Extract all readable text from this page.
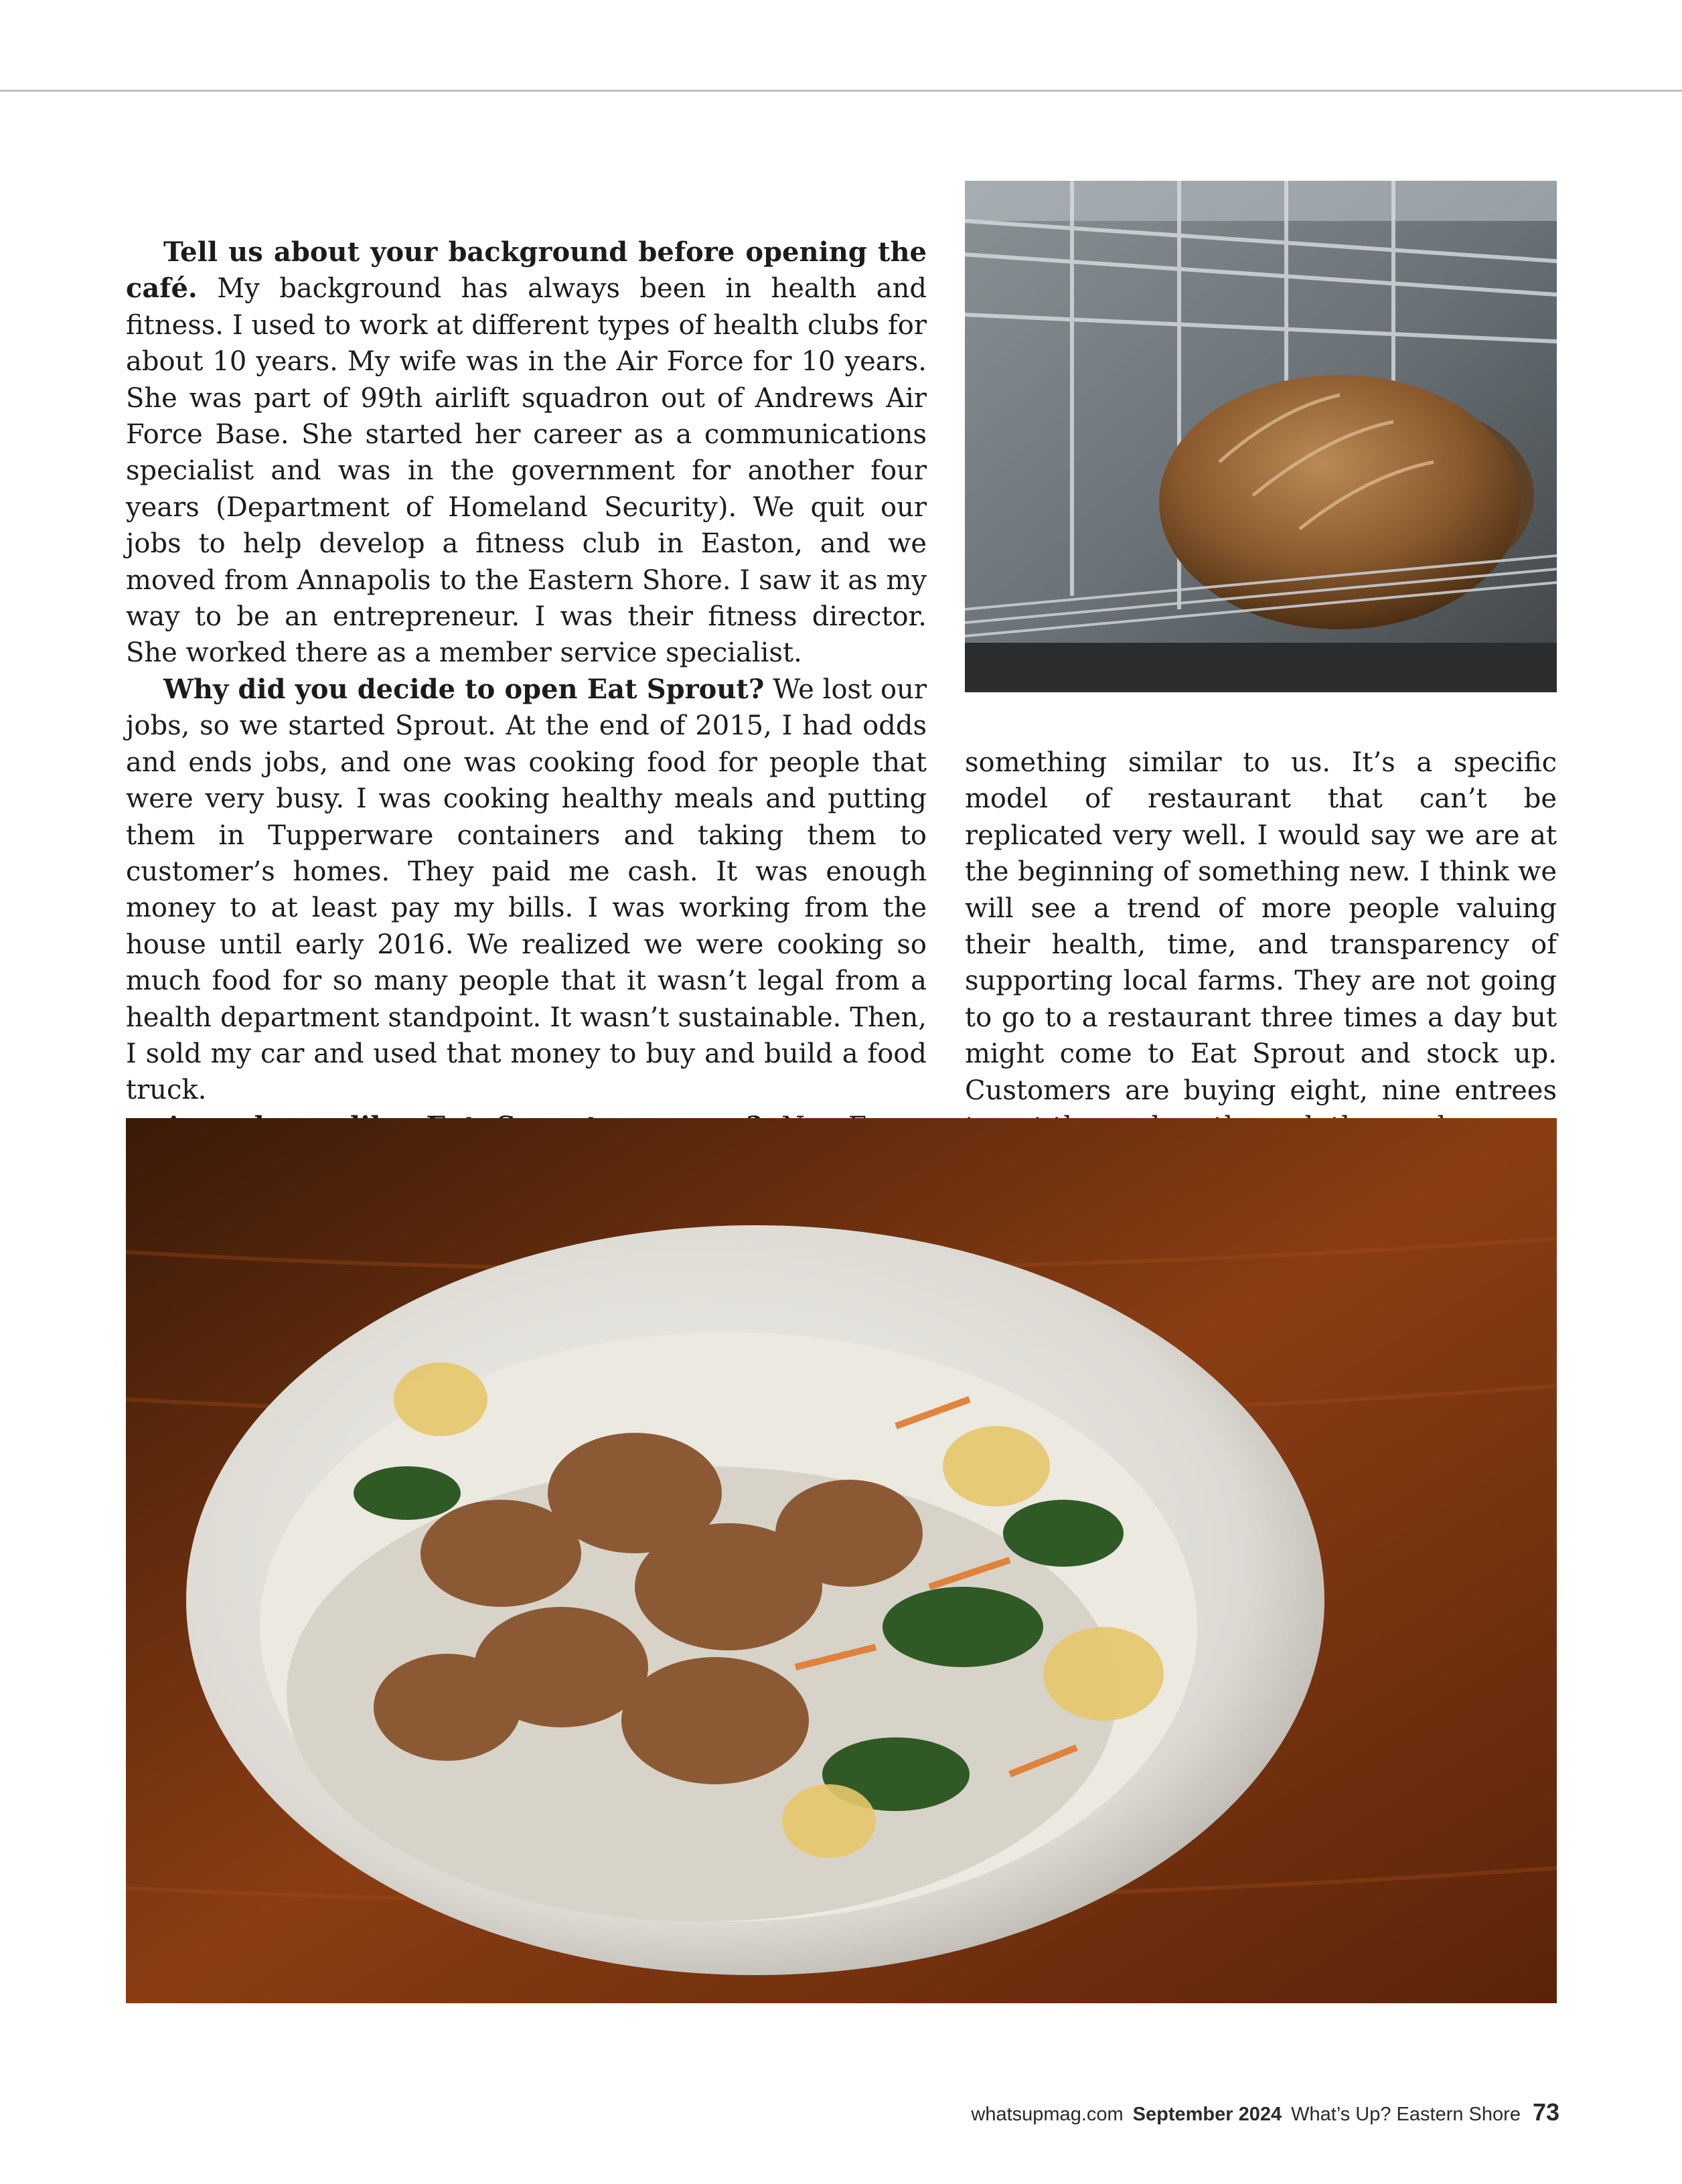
Tell us about your background before opening the café. My background has always been in health and fitness. I used to work at different types of health clubs for about 10 years. My wife was in the Air Force for 10 years. She was part of 99th airlift squadron out of Andrews Air Force Base. She started her career as a communications specialist and was in the government for another four years (Department of Homeland Security). We quit our jobs to help develop a fitness club in Easton, and we moved from Annapolis to the Eastern Shore. I saw it as my way to be an entrepreneur. I was their fitness director. She worked there as a member service specialist.

Why did you decide to open Eat Sprout? We lost our jobs, so we started Sprout. At the end of 2015, I had odds and ends jobs, and one was cooking food for people that were very busy. I was cooking healthy meals and putting them in Tupperware containers and taking them to customer’s homes. They paid me cash. It was enough money to at least pay my bills. I was working from the house until early 2016. We realized we were cooking so much food for so many people that it wasn’t legal from a health department standpoint. It wasn’t sustainable. Then, I sold my car and used that money to buy and build a food truck.

something similar to us. It’s a specific model of restaurant that can’t be replicated very well. I would say we are at the beginning of something new. I think we will see a trend of more people valuing their health, time, and transparency of supporting local farms. They are not going to go to a restaurant three times a day but might come to Eat Sprout and stock up. Customers are buying eight, nine entrees

whatsupmag.com September 2024 What’s Up? Eastern Shore 73
